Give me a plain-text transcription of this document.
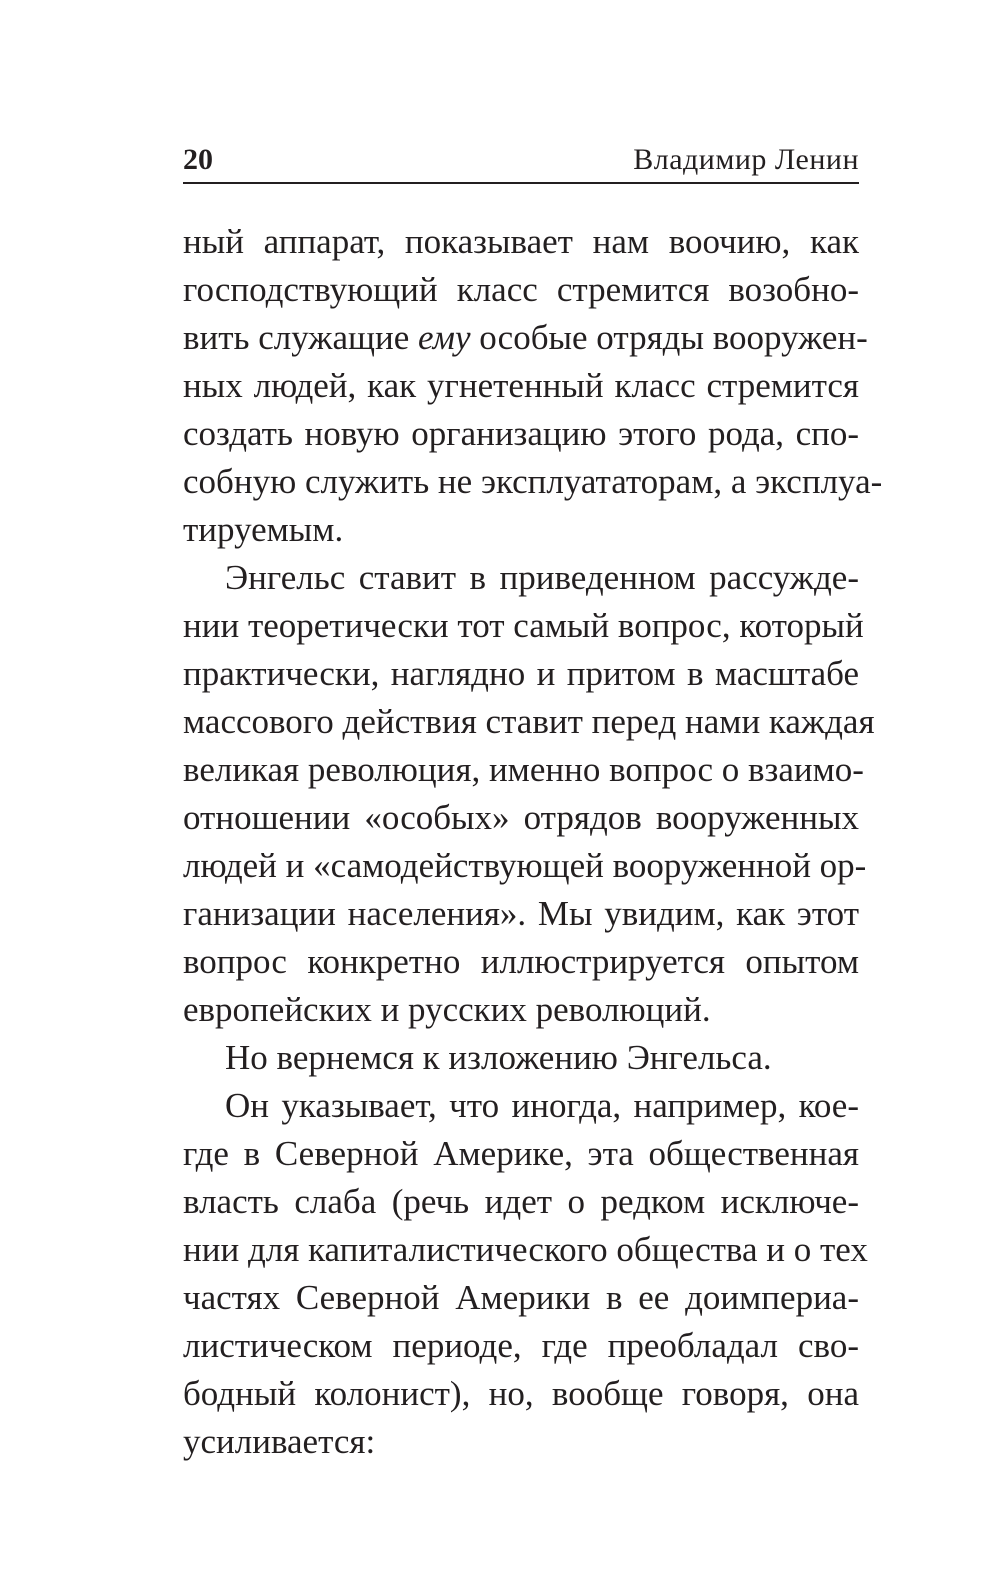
20	Владимир Ленин
ный аппарат, показывает нам воочию, как
господствующий класс стремится возобно-
вить служащие ему особые отряды вооружен-
ных людей, как угнетенный класс стремится
создать новую организацию этого рода, спо-
собную служить не эксплуататорам, а эксплуа-
тируемым.
Энгельс ставит в приведенном рассужде-
нии теоретически тот самый вопрос, который
практически, наглядно и притом в масштабе
массового действия ставит перед нами каждая
великая революция, именно вопрос о взаимо-
отношении «особых» отрядов вооруженных
людей и «самодействующей вооруженной ор-
ганизации населения». Мы увидим, как этот
вопрос конкретно иллюстрируется опытом
европейских и русских революций.
Но вернемся к изложению Энгельса.
Он указывает, что иногда, например, кое-
где в Северной Америке, эта общественная
власть слаба (речь идет о редком исключе-
нии для капиталистического общества и о тех
частях Северной Америки в ее доимпериа-
листическом периоде, где преобладал сво-
бодный колонист), но, вообще говоря, она
усиливается:
